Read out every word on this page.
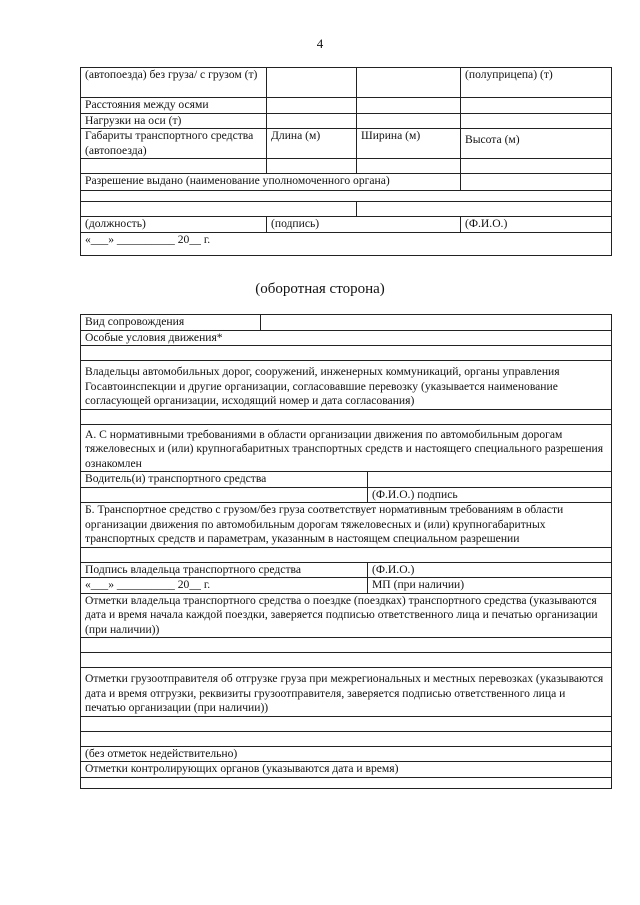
4
(автопоезда) без груза/ с грузом (т)			(полуприцепа) (т)
Расстояния между осями			
Нагрузки на оси (т)			
Габариты транспортного средства (автопоезда)	Длина (м)	Ширина (м)	Высота (м)

Разрешение выдано (наименование уполномоченного органа)			

(должность)	(подпись)		(Ф.И.О.)
«___» __________ 20__ г.			
(оборотная сторона)
Вид сопровождения		
Особые условия движения*		

Владельцы автомобильных дорог, сооружений, инженерных коммуникаций, органы управления Госавтоинспекции и другие организации, согласовавшие перевозку (указывается наименование согласующей организации, исходящий номер и дата согласования)		

А. С нормативными требованиями в области организации движения по автомобильным дорогам тяжеловесных и (или) крупногабаритных транспортных средств и настоящего специального разрешения ознакомлен		
Водитель(и) транспортного средства		
		(Ф.И.О.) подпись
Б. Транспортное средство с грузом/без груза соответствует нормативным требованиям в области организации движения по автомобильным дорогам тяжеловесных и (или) крупногабаритных транспортных средств и параметрам, указанным в настоящем специальном разрешении		

Подпись владельца транспортного средства		(Ф.И.О.)
«___» __________ 20__ г.		МП (при наличии)
Отметки владельца транспортного средства о поездке (поездках) транспортного средства (указываются дата и время начала каждой поездки, заверяется подписью ответственного лица и печатью организации (при наличии))		

Отметки грузоотправителя об отгрузке груза при межрегиональных и местных перевозках (указываются дата и время отгрузки, реквизиты грузоотправителя, заверяется подписью ответственного лица и печатью организации (при наличии))		

(без отметок недействительно)		
Отметки контролирующих органов (указываются дата и время)		
